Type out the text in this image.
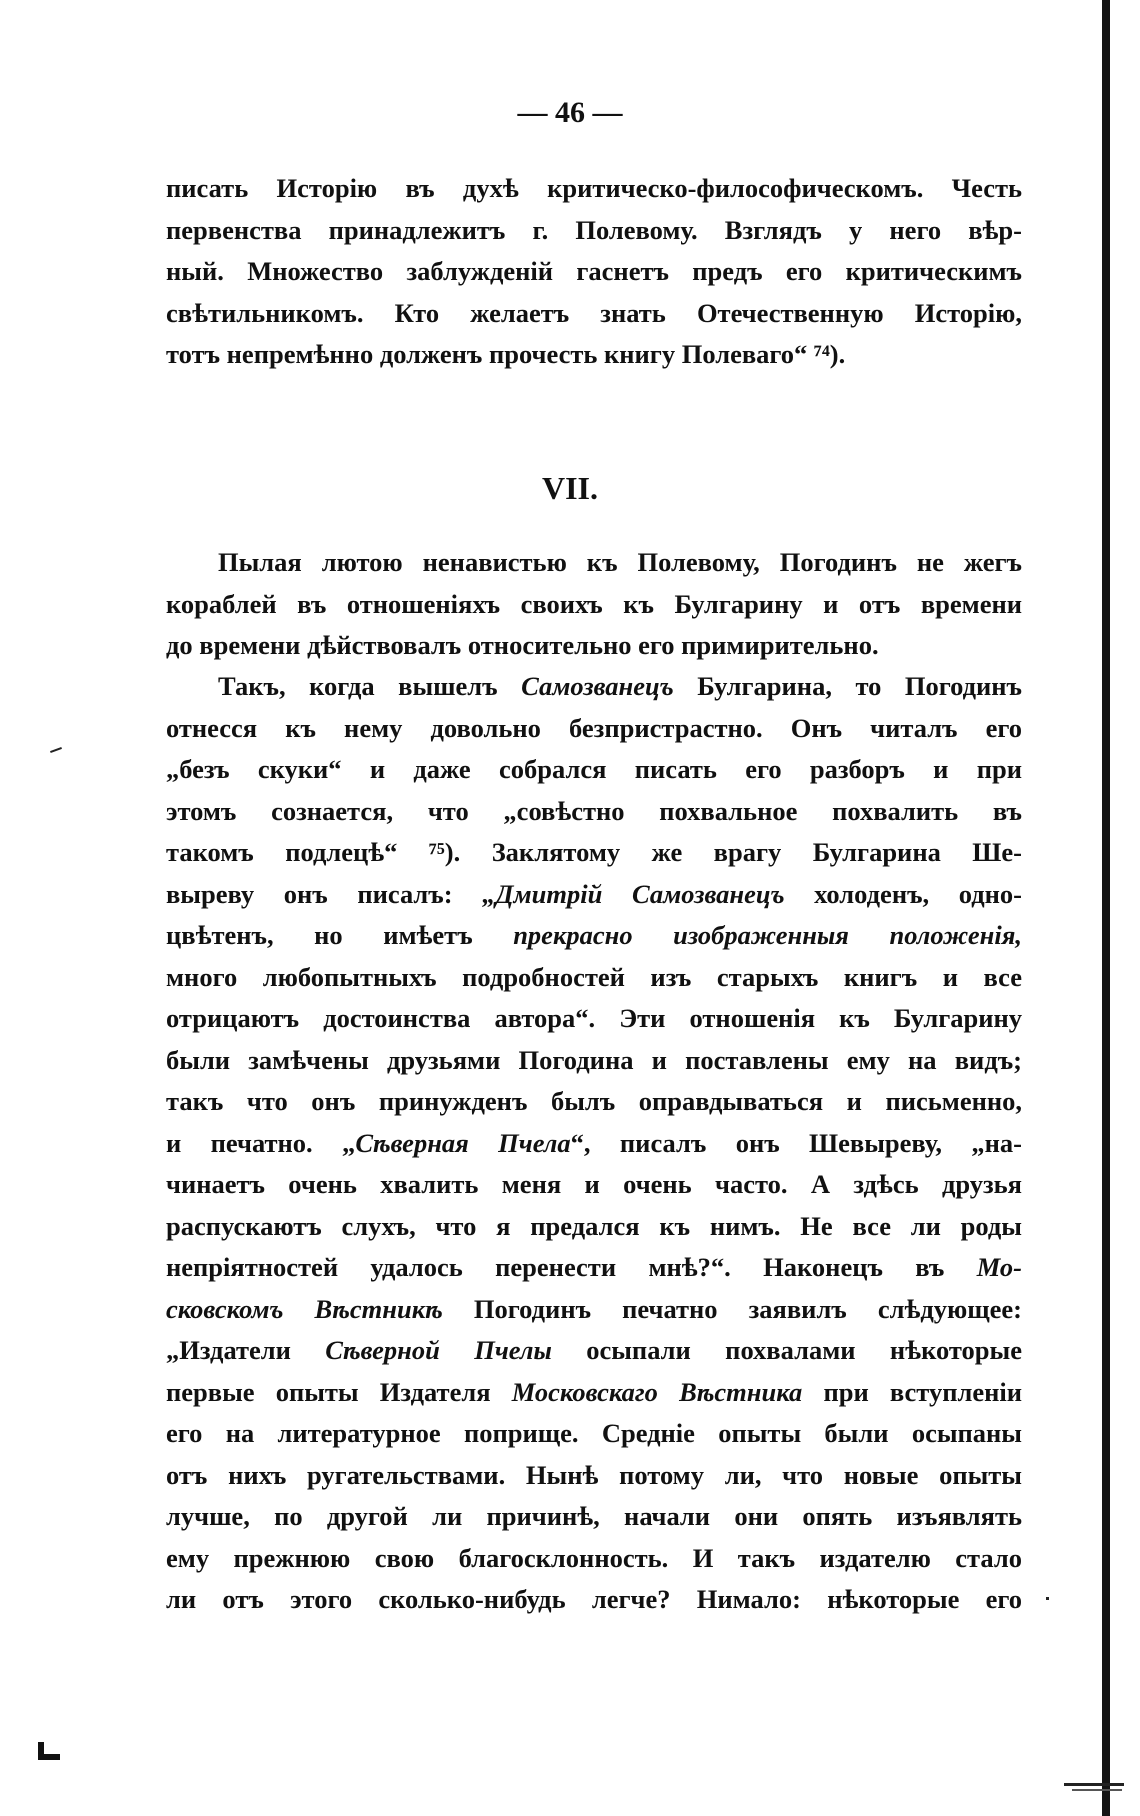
— 46 —
писать Исторію въ духѣ критическо-философическомъ. Честь
первенства принадлежитъ г. Полевому. Взглядъ у него вѣр-
ный. Множество заблужденій гаснетъ предъ его критическимъ
свѣтильникомъ. Кто желаетъ знать Отечественную Исторію,
тотъ непремѣнно долженъ прочесть книгу Полеваго“ ⁷⁴).
VII.
Пылая лютою ненавистью къ Полевому, Погодинъ не жегъ
кораблей въ отношеніяхъ своихъ къ Булгарину и отъ времени
до времени дѣйствовалъ относительно его примирительно.
Такъ, когда вышелъ Самозванецъ Булгарина, то Погодинъ
отнесся къ нему довольно безпристрастно. Онъ читалъ его
„безъ скуки“ и даже собрался писать его разборъ и при
этомъ сознается, что „совѣстно похвальное похвалить въ
такомъ подлецѣ“ ⁷⁵). Заклятому же врагу Булгарина Ше-
выреву онъ писалъ: „Дмитрій Самозванецъ холоденъ, одно-
цвѣтенъ, но имѣетъ прекрасно изображенныя положенія,
много любопытныхъ подробностей изъ старыхъ книгъ и все
отрицаютъ достоинства автора“. Эти отношенія къ Булгарину
были замѣчены друзьями Погодина и поставлены ему на видъ;
такъ что онъ принужденъ былъ оправдываться и письменно,
и печатно. „Сѣверная Пчела“, писалъ онъ Шевыреву, „на-
чинаетъ очень хвалить меня и очень часто. А здѣсь друзья
распускаютъ слухъ, что я предался къ нимъ. Не все ли роды
непріятностей удалось перенести мнѣ?“. Наконецъ въ Мо-
сковскомъ Вѣстникѣ Погодинъ печатно заявилъ слѣдующее:
„Издатели Сѣверной Пчелы осыпали похвалами нѣкоторые
первые опыты Издателя Московскаго Вѣстника при вступленіи
его на литературное поприще. Средніе опыты были осыпаны
отъ нихъ ругательствами. Нынѣ потому ли, что новые опыты
лучше, по другой ли причинѣ, начали они опять изъявлять
ему прежнюю свою благосклонность. И такъ издателю стало
ли отъ этого сколько-нибудь легче? Нимало: нѣкоторые его
